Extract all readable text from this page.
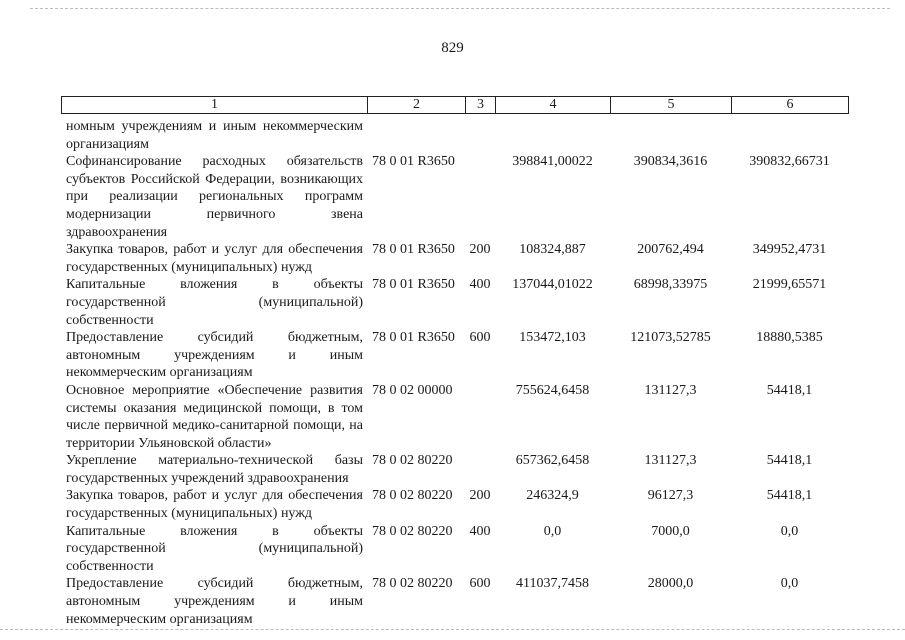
829
1	2	3	4	5	6
номным учреждениям и иным некоммерческим организациям					
Софинансирование расходных обязательств субъектов Российской Федерации, возникающих при реализации региональных программ модернизации первичного звена здравоохранения	78 0 01 R3650		398841,00022	390834,3616	390832,66731
Закупка товаров, работ и услуг для обеспечения государственных (муниципальных) нужд	78 0 01 R3650	200	108324,887	200762,494	349952,4731
Капитальные вложения в объекты государственной (муниципальной) собственности	78 0 01 R3650	400	137044,01022	68998,33975	21999,65571
Предоставление субсидий бюджетным, автономным учреждениям и иным некоммерческим организациям	78 0 01 R3650	600	153472,103	121073,52785	18880,5385
Основное мероприятие «Обеспечение развития системы оказания медицинской помощи, в том числе первичной медико-санитарной помощи, на территории Ульяновской области»	78 0 02 00000		755624,6458	131127,3	54418,1
Укрепление материально-технической базы государственных учреждений здравоохранения	78 0 02 80220		657362,6458	131127,3	54418,1
Закупка товаров, работ и услуг для обеспечения государственных (муниципальных) нужд	78 0 02 80220	200	246324,9	96127,3	54418,1
Капитальные вложения в объекты государственной (муниципальной) собственности	78 0 02 80220	400	0,0	7000,0	0,0
Предоставление субсидий бюджетным, автономным учреждениям и иным некоммерческим организациям	78 0 02 80220	600	411037,7458	28000,0	0,0
